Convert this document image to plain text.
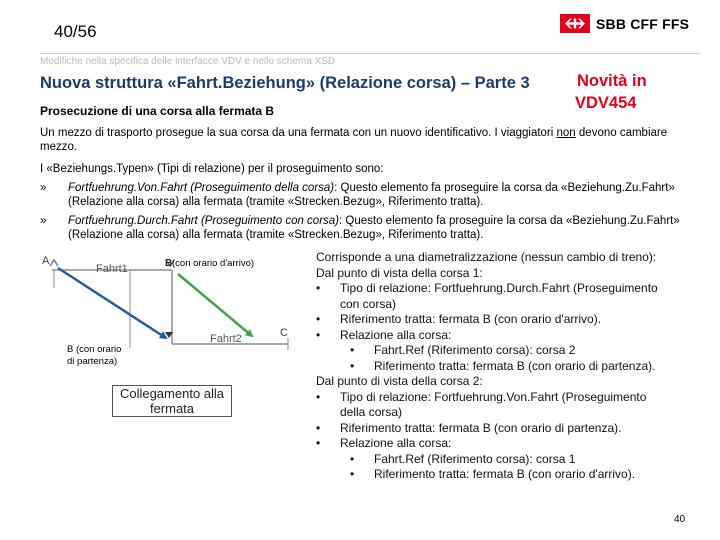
40/56	SBB CFF FFS
Modifiche nella specifica delle interfacce VDV e nello schema XSD
Nuova struttura «Fahrt.Beziehung» (Relazione corsa) – Parte 3	Novità in
VDV454
Prosecuzione di una corsa alla fermata B
Un mezzo di trasporto prosegue la sua corsa da una fermata con un nuovo identificativo. I viaggiatori non devono cambiare mezzo.
I «Beziehungs.Typen» (Tipi di relazione) per il proseguimento sono:
»	Fortfuehrung.Von.Fahrt (Proseguimento della corsa): Questo elemento fa proseguire la corsa da «Beziehung.Zu.Fahrt» (Relazione alla corsa) alla fermata (tramite «Strecken.Bezug», Riferimento tratta).
»	Fortfuehrung.Durch.Fahrt (Proseguimento con corsa): Questo elemento fa proseguire la corsa da «Beziehung.Zu.Fahrt» (Relazione alla corsa) alla fermata (tramite «Strecken.Bezug», Riferimento tratta).
A
A
Fahrt1	B
Fahrt2	C
(con orario d'arrivo)
B (con orario
di partenza)
Collegamento alla
fermata
Corrisponde a una diametralizzazione (nessun cambio di treno):
Dal punto di vista della corsa 1:
•	Tipo di relazione: Fortfuehrung.Durch.Fahrt (Proseguimento
con corsa)
•	Riferimento tratta: fermata B (con orario d'arrivo).
•	Relazione alla corsa:
•	Fahrt.Ref (Riferimento corsa): corsa 2
•	Riferimento tratta: fermata B (con orario di partenza).
Dal punto di vista della corsa 2:
•	Tipo di relazione: Fortfuehrung.Von.Fahrt (Proseguimento
della corsa)
•	Riferimento tratta: fermata B (con orario di partenza).
•	Relazione alla corsa:
•	Fahrt.Ref (Riferimento corsa): corsa 1
•	Riferimento tratta: fermata B (con orario d'arrivo).
40
